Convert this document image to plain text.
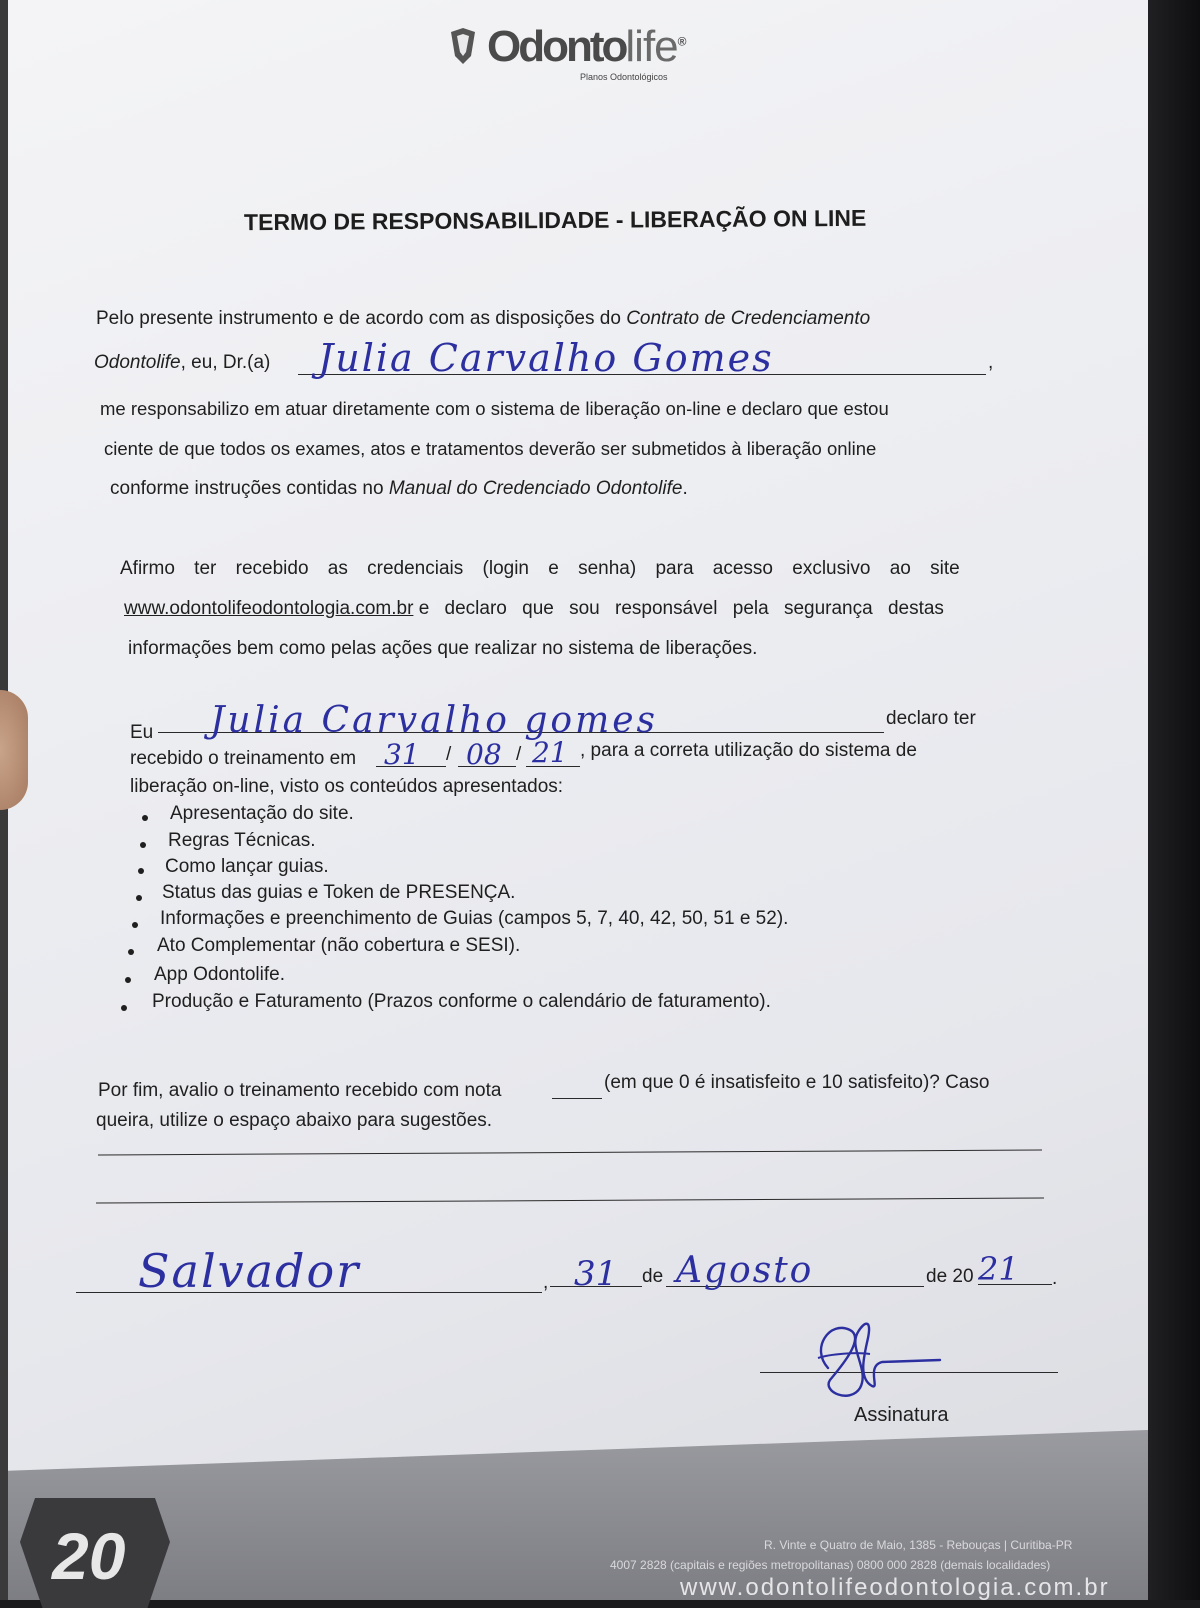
Odontolife®
Planos Odontológicos
TERMO DE RESPONSABILIDADE - LIBERAÇÃO ON LINE
Pelo presente instrumento e de acordo com as disposições do Contrato de Credenciamento
Odontolife, eu, Dr.(a)	,
Julia Carvalho Gomes
me responsabilizo em atuar diretamente com o sistema de liberação on-line e declaro que estou
ciente de que todos os exames, atos e tratamentos deverão ser submetidos à liberação online
conforme instruções contidas no Manual do Credenciado Odontolife.
Afirmo ter recebido as credenciais (login e senha) para acesso exclusivo ao site
www.odontolifeodontologia.com.br e declaro que sou responsável pela segurança destas
informações bem como pelas ações que realizar no sistema de liberações.
Eu Julia Carvalho gomes	declaro ter
recebido o treinamento em	/	/
31 08 21 , para a correta utilização do sistema de
liberação on-line, visto os conteúdos apresentados:
Apresentação do site.
Regras Técnicas.
Como lançar guias.
Status das guias e Token de PRESENÇA.
Informações e preenchimento de Guias (campos 5, 7, 40, 42, 50, 51 e 52).
Ato Complementar (não cobertura e SESI).
App Odontolife.
Produção e Faturamento (Prazos conforme o calendário de faturamento).
Por fim, avalio o treinamento recebido com nota	(em que 0 é insatisfeito e 10 satisfeito)? Caso
queira, utilize o espaço abaixo para sugestões.
Salvador	, 31 de Agosto	de 20 21 .
Assinatura
20	R. Vinte e Quatro de Maio, 1385 - Rebouças | Curitiba-PR
4007 2828 (capitais e regiões metropolitanas) 0800 000 2828 (demais localidades)
www.odontolifeodontologia.com.br
